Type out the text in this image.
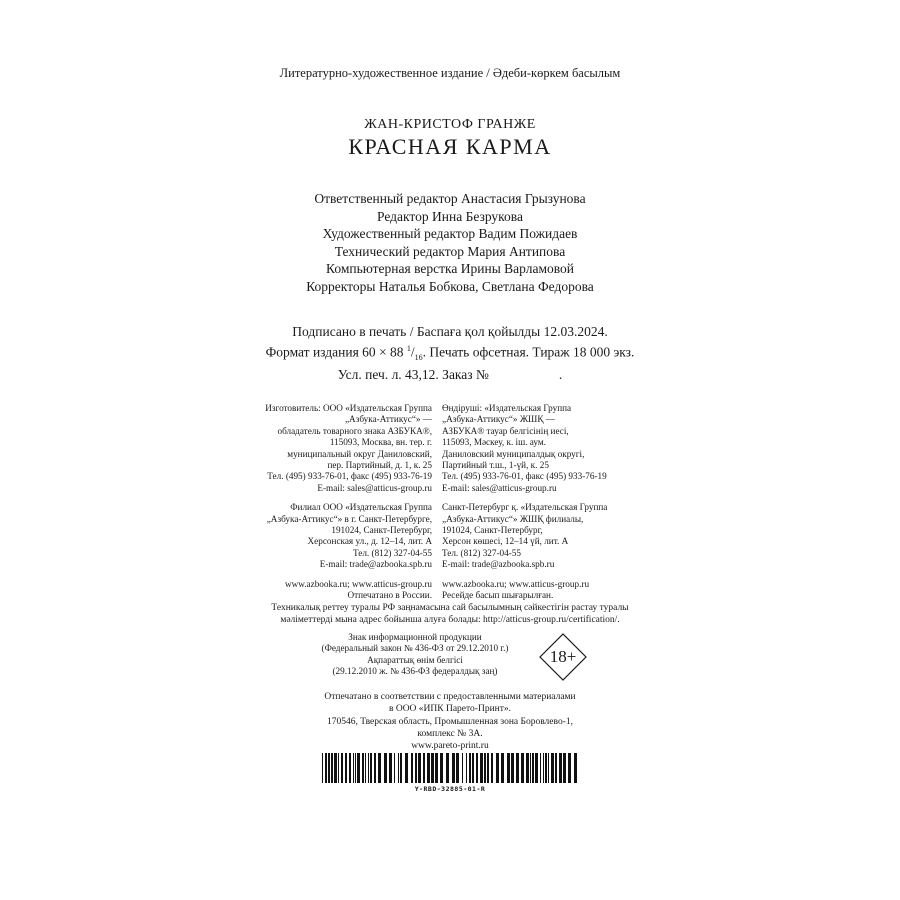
Литературно-художественное издание / Әдеби-көркем басылым
ЖАН-КРИСТОФ ГРАНЖЕ
КРАСНАЯ КАРМА
Ответственный редактор Анастасия Грызунова
Редактор Инна Безрукова
Художественный редактор Вадим Пожидаев
Технический редактор Мария Антипова
Компьютерная верстка Ирины Варламовой
Корректоры Наталья Бобкова, Светлана Федорова
Подписано в печать / Баспаға қол қойылды 12.03.2024.
Формат издания 60 × 88 $^1/_{16}$. Печать офсетная. Тираж 18 000 экз.
Усл. печ. л. 43,12. Заказ №	.
Изготовитель: ООО «Издательская Группа
„Азбука-Аттикус“» —
обладатель товарного знака АЗБУКА®,
115093, Москва, вн. тер. г.
муниципальный округ Даниловский,
пер. Партийный, д. 1, к. 25
Тел. (495) 933-76-01, факс (495) 933-76-19
E-mail: sales@atticus-group.ru
Филиал ООО «Издательская Группа
„Азбука-Аттикус“» в г. Санкт-Петербурге,
191024, Санкт-Петербург,
Херсонская ул., д. 12–14, лит. А
Тел. (812) 327-04-55
E-mail: trade@azbooka.spb.ru
www.azbooka.ru; www.atticus-group.ru
Отпечатано в России.
Өндіруші: «Издательская Группа
„Азбука-Аттикус“» ЖШҚ —
АЗБУКА® тауар белгісінің иесі,
115093, Мәскеу, к. іш. аум.
Даниловский муниципалдық округі,
Партийный т.ш., 1-үй, к. 25
Тел. (495) 933-76-01, факс (495) 933-76-19
E-mail: sales@atticus-group.ru
Санкт-Петербург қ. «Издательская Группа
„Азбука-Аттикус“» ЖШҚ филиалы,
191024, Санкт-Петербург,
Херсон көшесі, 12–14 үй, лит. А
Тел. (812) 327-04-55
E-mail: trade@azbooka.spb.ru
www.azbooka.ru; www.atticus-group.ru
Ресейде басып шығарылған.
Техникалық реттеу туралы РФ заңнамасына сай басылымның сәйкестігін растау туралы
мәліметтерді мына адрес бойынша алуға болады: http://atticus-group.ru/certification/.
Знак информационной продукции
(Федеральный закон № 436-ФЗ от 29.12.2010 г.)
Ақпараттық өнім белгісі
(29.12.2010 ж. № 436-ФЗ федералдық заң)
18+
Отпечатано в соответствии с предоставленными материалами
в ООО «ИПК Парето-Принт».
170546, Тверская область, Промышленная зона Боровлево-1,
комплекс № 3А.
www.pareto-print.ru
Y-RBD-32885-01-R
